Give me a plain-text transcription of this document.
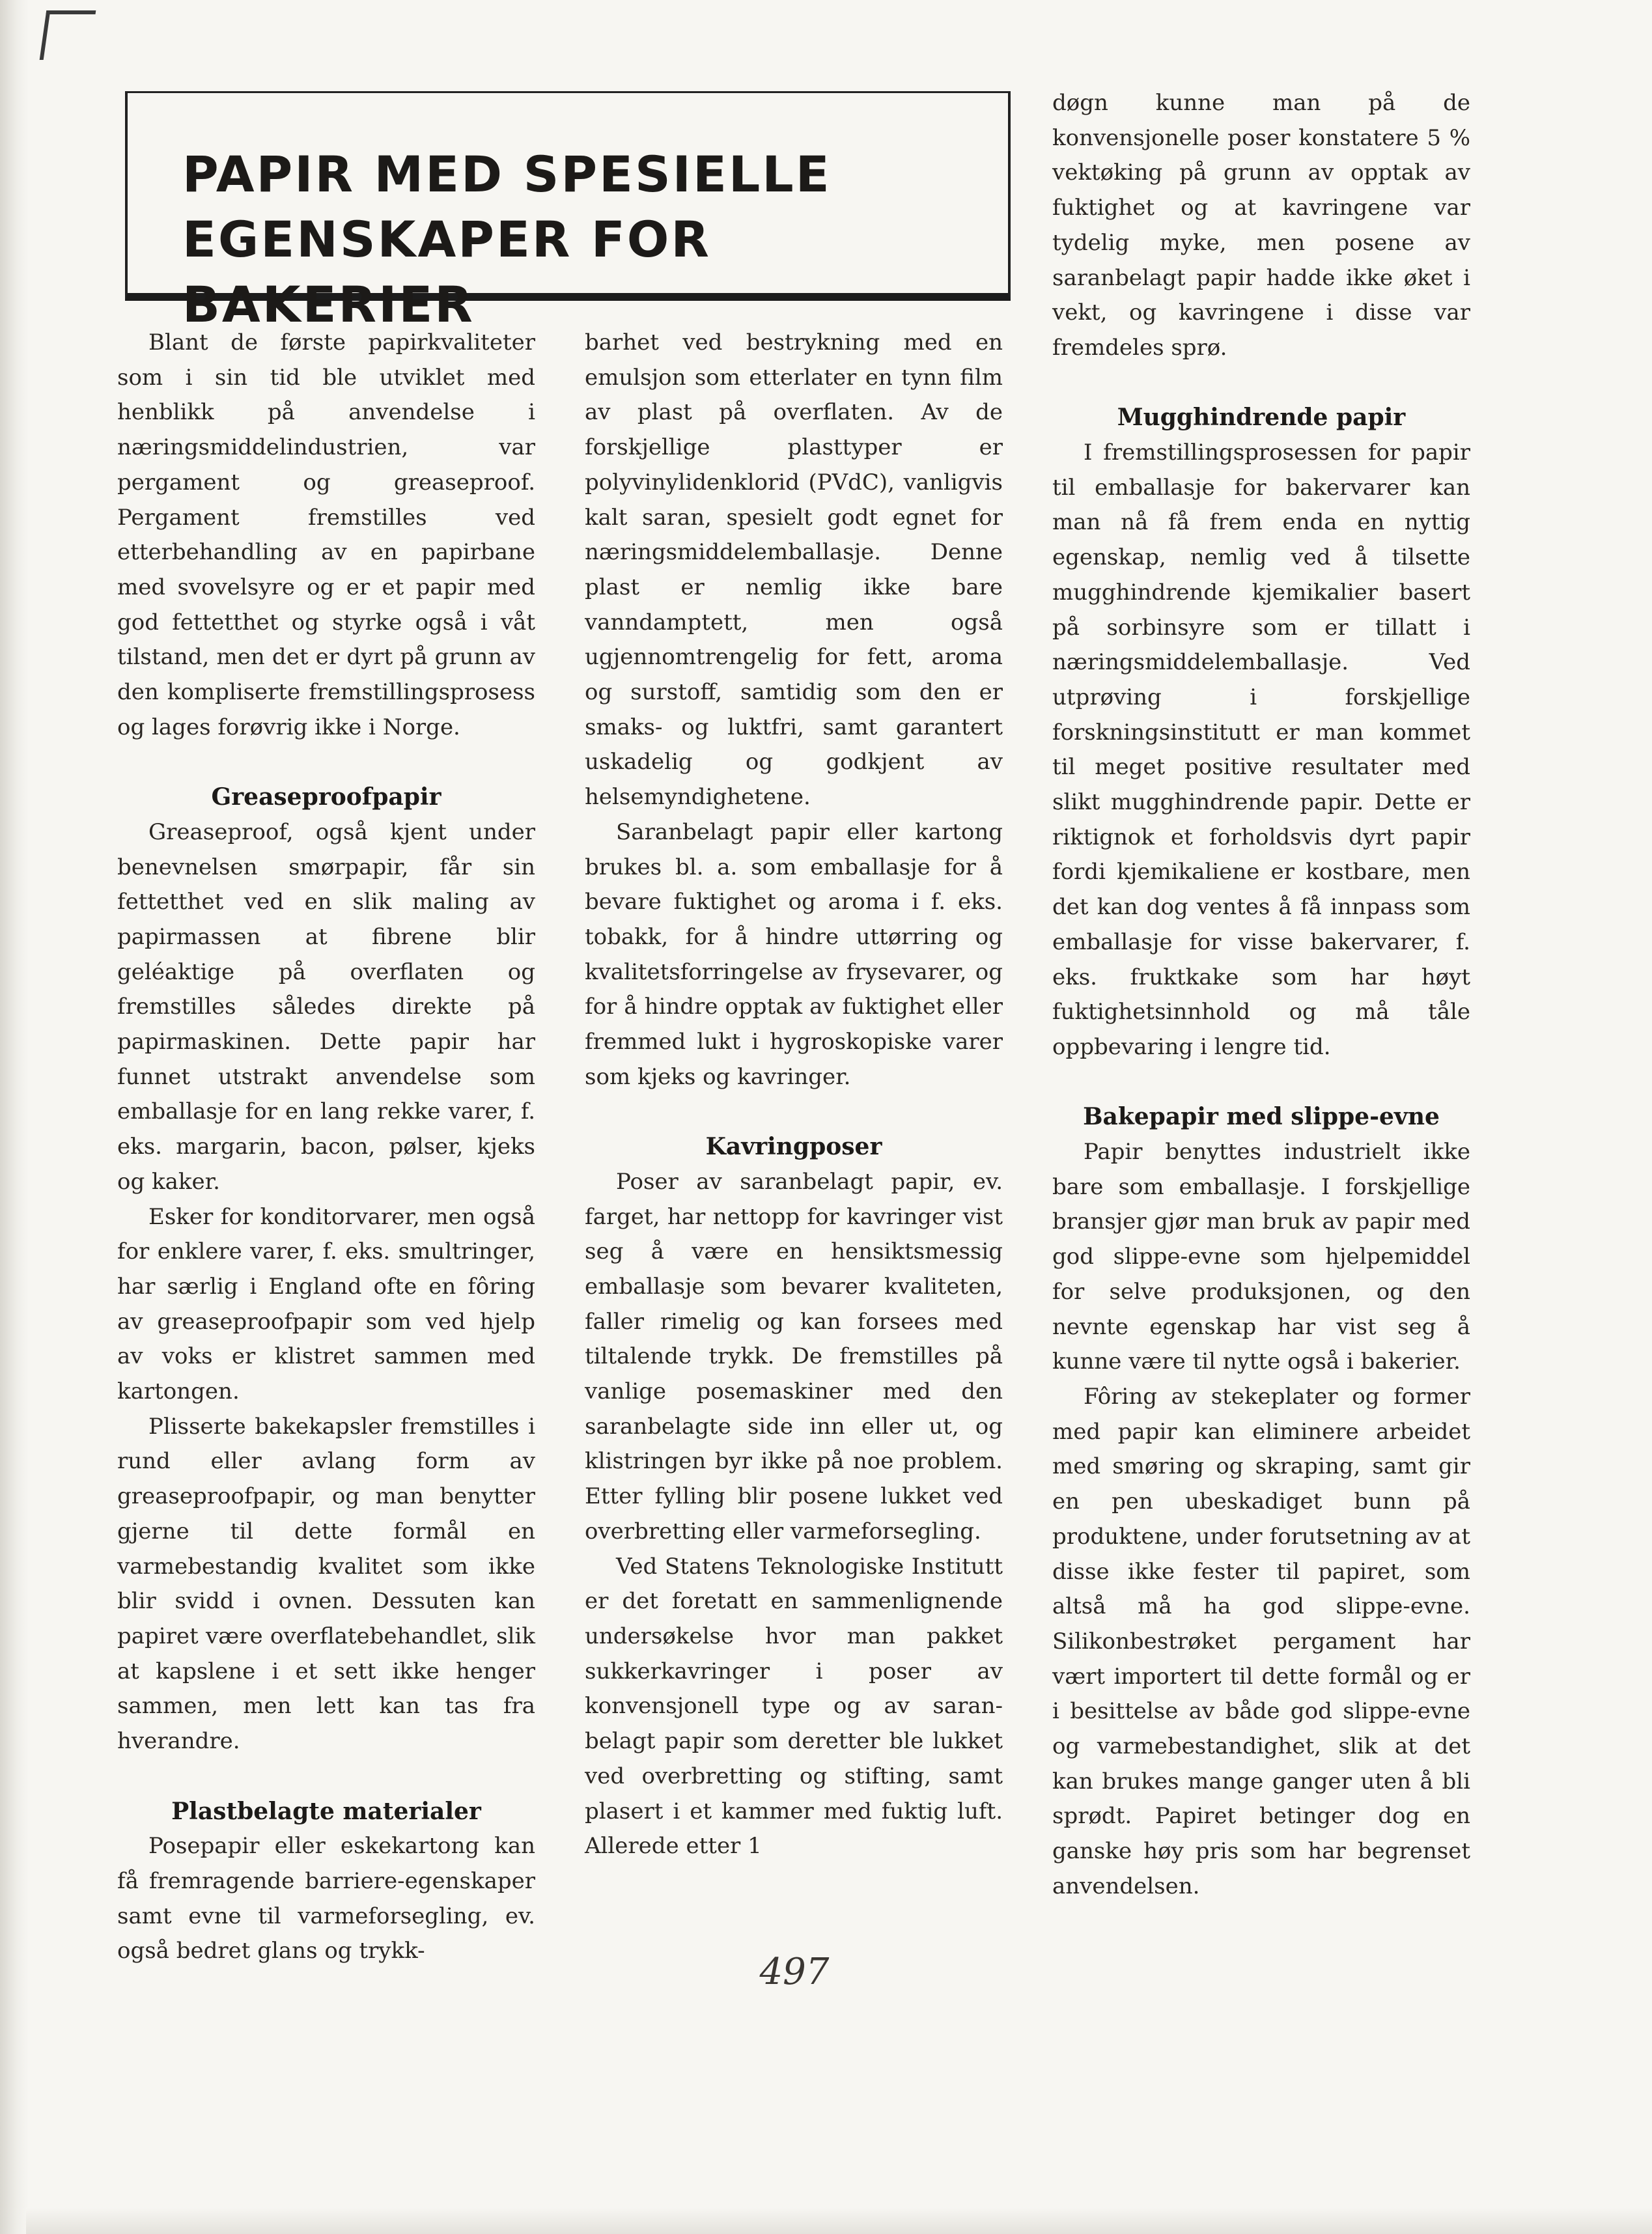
PAPIR MED SPESIELLE
EGENSKAPER FOR BAKERIER

Blant de første papirkvaliteter som i sin tid ble utviklet med henblikk på anvendelse i næringsmiddelindustrien, var pergament og greaseproof. Pergament fremstilles ved etterbehandling av en papirbane med svovelsyre og er et papir med god fettetthet og styrke også i våt tilstand, men det er dyrt på grunn av den kompliserte fremstillingsprosess og lages forøvrig ikke i Norge.

Greaseproofpapir

Greaseproof, også kjent under benevnelsen smørpapir, får sin fettetthet ved en slik maling av papirmassen at fibrene blir geléaktige på overflaten og fremstilles således direkte på papirmaskinen. Dette papir har funnet utstrakt anvendelse som emballasje for en lang rekke varer, f. eks. margarin, bacon, pølser, kjeks og kaker.

Esker for konditorvarer, men også for enklere varer, f. eks. smultringer, har særlig i England ofte en fôring av greaseproofpapir som ved hjelp av voks er klistret sammen med kartongen.

Plisserte bakekapsler fremstilles i rund eller avlang form av greaseproofpapir, og man benytter gjerne til dette formål en varmebestandig kvalitet som ikke blir svidd i ovnen. Dessuten kan papiret være overflatebehandlet, slik at kapslene i et sett ikke henger sammen, men lett kan tas fra hverandre.

Plastbelagte materialer

Posepapir eller eskekartong kan få fremragende barriere-egenskaper samt evne til varmeforsegling, ev. også bedret glans og trykk-

barhet ved bestrykning med en emulsjon som etterlater en tynn film av plast på overflaten. Av de forskjellige plasttyper er polyvinylidenklorid (PVdC), vanligvis kalt saran, spesielt godt egnet for næringsmiddelemballasje. Denne plast er nemlig ikke bare vanndamptett, men også ugjennomtrengelig for fett, aroma og surstoff, samtidig som den er smaks- og luktfri, samt garantert uskadelig og godkjent av helsemyndighetene.

Saranbelagt papir eller kartong brukes bl. a. som emballasje for å bevare fuktighet og aroma i f. eks. tobakk, for å hindre uttørring og kvalitetsforringelse av frysevarer, og for å hindre opptak av fuktighet eller fremmed lukt i hygroskopiske varer som kjeks og kavringer.

Kavringposer

Poser av saranbelagt papir, ev. farget, har nettopp for kavringer vist seg å være en hensiktsmessig emballasje som bevarer kvaliteten, faller rimelig og kan forsees med tiltalende trykk. De fremstilles på vanlige posemaskiner med den saranbelagte side inn eller ut, og klistringen byr ikke på noe problem. Etter fylling blir posene lukket ved overbretting eller varmeforsegling.

Ved Statens Teknologiske Institutt er det foretatt en sammenlignende undersøkelse hvor man pakket sukkerkavringer i poser av konvensjonell type og av saran-belagt papir som deretter ble lukket ved overbretting og stifting, samt plasert i et kammer med fuktig luft. Allerede etter 1

døgn kunne man på de konvensjonelle poser konstatere 5 % vektøking på grunn av opptak av fuktighet og at kavringene var tydelig myke, men posene av saranbelagt papir hadde ikke øket i vekt, og kavringene i disse var fremdeles sprø.

Mugghindrende papir

I fremstillingsprosessen for papir til emballasje for bakervarer kan man nå få frem enda en nyttig egenskap, nemlig ved å tilsette mugghindrende kjemikalier basert på sorbinsyre som er tillatt i næringsmiddelemballasje. Ved utprøving i forskjellige forskningsinstitutt er man kommet til meget positive resultater med slikt mugghindrende papir. Dette er riktignok et forholdsvis dyrt papir fordi kjemikaliene er kostbare, men det kan dog ventes å få innpass som emballasje for visse bakervarer, f. eks. fruktkake som har høyt fuktighetsinnhold og må tåle oppbevaring i lengre tid.

Bakepapir med slippe-evne

Papir benyttes industrielt ikke bare som emballasje. I forskjellige bransjer gjør man bruk av papir med god slippe-evne som hjelpemiddel for selve produksjonen, og den nevnte egenskap har vist seg å kunne være til nytte også i bakerier.

Fôring av stekeplater og former med papir kan eliminere arbeidet med smøring og skraping, samt gir en pen ubeskadiget bunn på produktene, under forutsetning av at disse ikke fester til papiret, som altså må ha god slippe-evne. Silikonbestrøket pergament har vært importert til dette formål og er i besittelse av både god slippe-evne og varmebestandighet, slik at det kan brukes mange ganger uten å bli sprødt. Papiret betinger dog en ganske høy pris som har begrenset anvendelsen.

497
